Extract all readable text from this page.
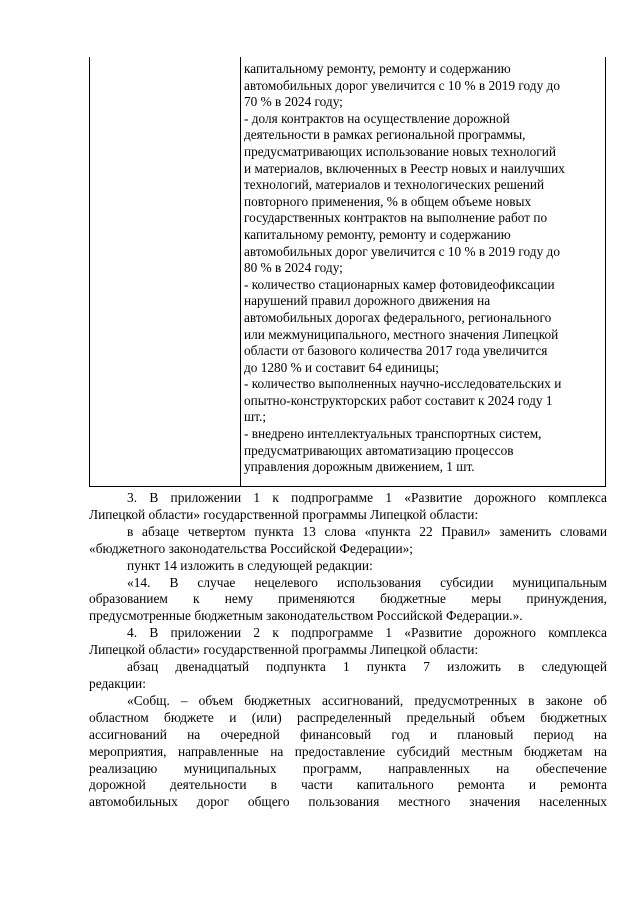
капитальному ремонту, ремонту и содержанию
автомобильных дорог увеличится с 10 % в 2019 году до
70 % в 2024 году;
- доля контрактов на осуществление дорожной
деятельности в рамках региональной программы,
предусматривающих использование новых технологий
и материалов, включенных в Реестр новых и наилучших
технологий, материалов и технологических решений
повторного применения, % в общем объеме новых
государственных контрактов на выполнение работ по
капитальному ремонту, ремонту и содержанию
автомобильных дорог увеличится с 10 % в 2019 году до
80 % в 2024 году;
- количество стационарных камер фотовидеофиксации
нарушений правил дорожного движения на
автомобильных дорогах федерального, регионального
или межмуниципального, местного значения Липецкой
области от базового количества 2017 года увеличится
до 1280 % и составит 64 единицы;
- количество выполненных научно-исследовательских и
опытно-конструкторских работ составит к 2024 году 1
шт.;
- внедрено интеллектуальных транспортных систем,
предусматривающих автоматизацию процессов
управления дорожным движением, 1 шт.
3. В приложении 1 к подпрограмме 1 «Развитие дорожного комплекса
Липецкой области» государственной программы Липецкой области:
в абзаце четвертом пункта 13 слова «пункта 22 Правил» заменить словами
«бюджетного законодательства Российской Федерации»;
пункт 14 изложить в следующей редакции:
«14. В случае нецелевого использования субсидии муниципальным
образованием к нему применяются бюджетные меры принуждения,
предусмотренные бюджетным законодательством Российской Федерации.».
4. В приложении 2 к подпрограмме 1 «Развитие дорожного комплекса
Липецкой области» государственной программы Липецкой области:
абзац двенадцатый подпункта 1 пункта 7 изложить в следующей
редакции:
«Собщ. – объем бюджетных ассигнований, предусмотренных в законе об
областном бюджете и (или) распределенный предельный объем бюджетных
ассигнований на очередной финансовый год и плановый период на
мероприятия, направленные на предоставление субсидий местным бюджетам на
реализацию муниципальных программ, направленных на обеспечение
дорожной деятельности в части капитального ремонта и ремонта
автомобильных дорог общего пользования местного значения населенных
